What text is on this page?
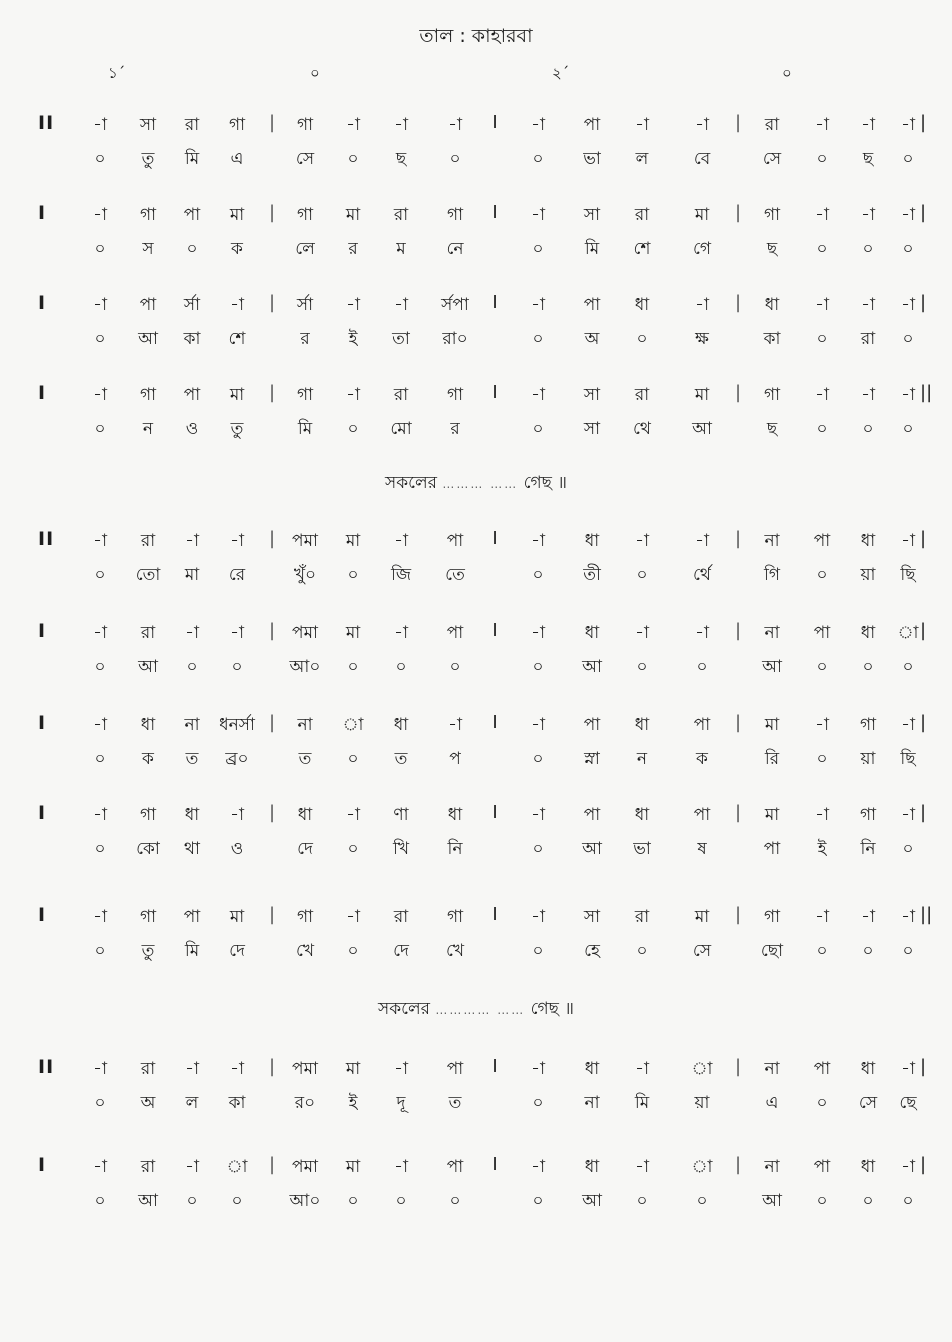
তাল : কাহারবা
১´	০	২´	০
II	-া	সা	রা	গা	গা	-া	-া	-া	-া	পা	-া	-া	রা	-া	-া	-া
|	I	|	|
০	তু	মি	এ	সে	০	ছ	০	০	ভা	ল	বে	সে	০	ছ	০
I	-া	গা	পা	মা	গা	মা	রা	গা	-া	সা	রা	মা	গা	-া	-া	-া
|	I	|	|
০	স	০	ক	লে	র	ম	নে	০	মি	শে	গে	ছ	০	০	০
I	-া	পা	র্সা	-া	র্সা	-া	-া	র্সপা	-া	পা	ধা	-া	ধা	-া	-া	-া
|	I	|	|
০	আ	কা	শে	র	ই	তা	রা০	০	অ	০	ক্ষ	কা	০	রা	০
I	-া	গা	পা	মা	গা	-া	রা	গা	-া	সা	রা	মা	গা	-া	-া	-া
|	I	|	||
০	ন	ও	তু	মি	০	মো	র	০	সা	থে	আ	ছ	০	০	০
II	-া	রা	-া	-া	পমা	মা	-া	পা	-া	ধা	-া	-া	না	পা	ধা	-া
|	I	|	|
০	তো	মা	রে	খুঁ০	০	জি	তে	০	তী	০	র্থে	গি	০	য়া	ছি
I	-া	রা	-া	-া	পমা	মা	-া	পা	-া	ধা	-া	-া	না	পা	ধা	া
|	I	|	|
০	আ	০	০	আ০	০	০	০	০	আ	০	০	আ	০	০	০
I	-া	ধা	না	ধনর্সা	না	া	ধা	-া	-া	পা	ধা	পা	মা	-া	গা	-া
|	I	|	|
০	ক	ত	ব্র০	ত	০	ত	প	০	স্না	ন	ক	রি	০	য়া	ছি
I	-া	গা	ধা	-া	ধা	-া	ণা	ধা	-া	পা	ধা	পা	মা	-া	গা	-া
|	I	|	|
০	কো	থা	ও	দে	০	খি	নি	০	আ	ভা	ষ	পা	ই	নি	০
I	-া	গা	পা	মা	গা	-া	রা	গা	-া	সা	রা	মা	গা	-া	-া	-া
|	I	|	||
০	তু	মি	দে	খে	০	দে	খে	০	হে	০	সে	ছো	০	০	০
II	-া	রা	-া	-া	পমা	মা	-া	পা	-া	ধা	-া	া	না	পা	ধা	-া
|	I	|	|
০	অ	ল	কা	র০	ই	দূ	ত	০	না	মি	য়া	এ	০	সে	ছে
I	-া	রা	-া	া	পমা	মা	-া	পা	-া	ধা	-া	া	না	পা	ধা	-া
|	I	|	|
০	আ	০	০	আ০	০	০	০	০	আ	০	০	আ	০	০	০
সকলের ……… …… গেছ ॥
সকলের ………… …… গেছ ॥
